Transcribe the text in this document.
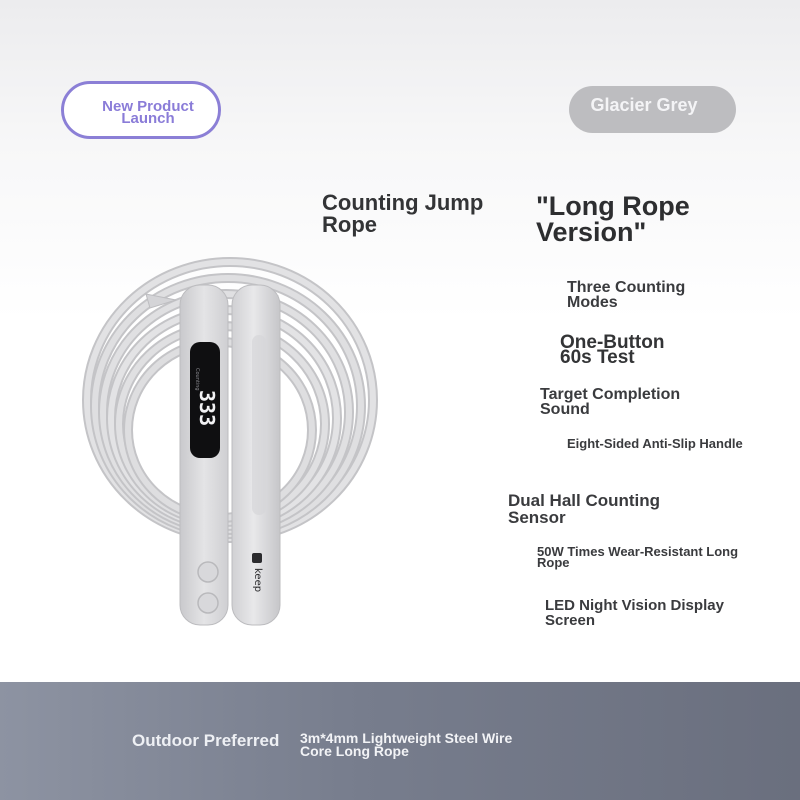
New Product Launch
Glacier Grey
Counting Jump Rope
"Long Rope Version"
Three Counting Modes
One-Button 60s Test
Target Completion Sound
Eight-Sided Anti-Slip Handle
Dual Hall Counting Sensor
50W Times Wear-Resistant Long Rope
LED Night Vision Display Screen
Counting
333
keep
Outdoor Preferred	3m*4mm Lightweight Steel Wire Core Long Rope
